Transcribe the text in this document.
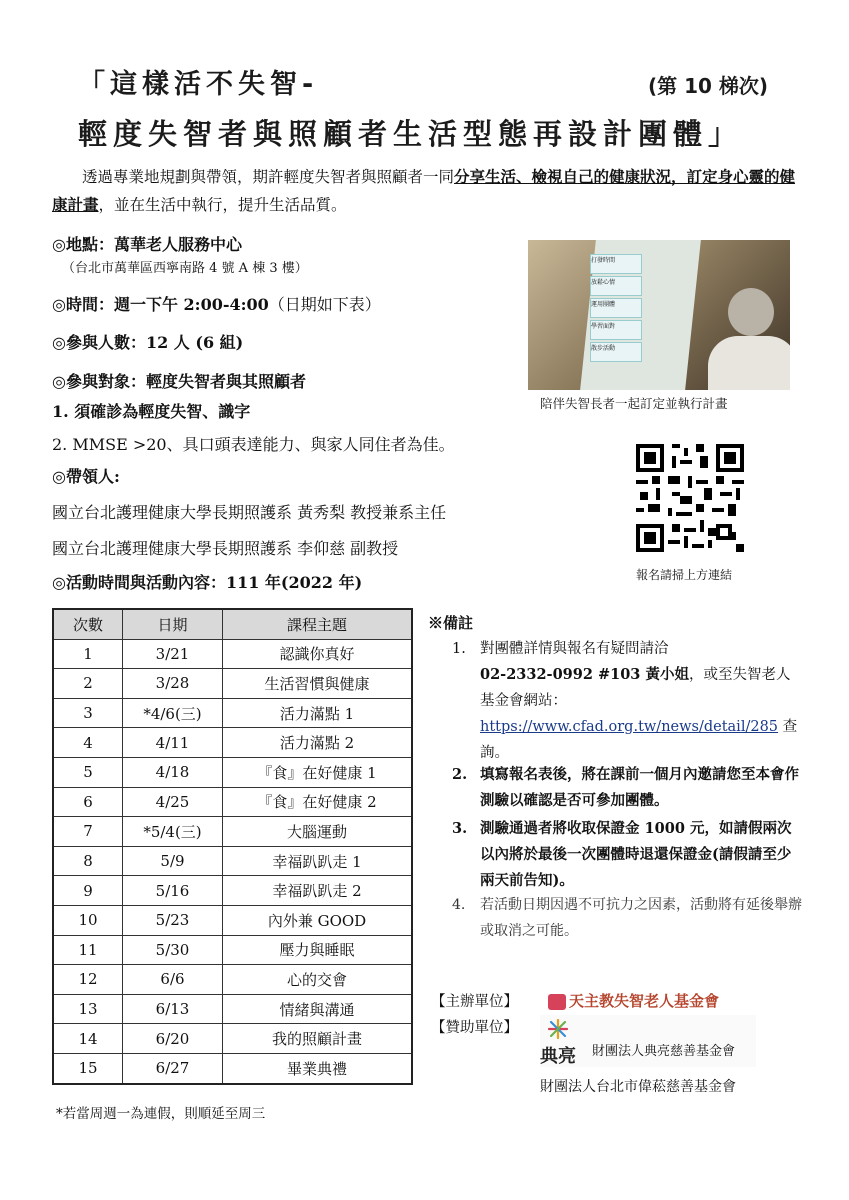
「這樣活不失智-	(第 10 梯次)
輕度失智者與照顧者生活型態再設計團體」
透過專業地規劃與帶領，期許輕度失智者與照顧者一同分享生活、檢視自己的健康狀況，訂定身心靈的健康計畫，並在生活中執行，提升生活品質。
◎地點：萬華老人服務中心
（台北市萬華區西寧南路 4 號 A 棟 3 樓）
◎時間：週一下午 2:00-4:00（日期如下表）
◎參與人數：12 人 (6 組)
◎參與對象：輕度失智者與其照顧者
1. 須確診為輕度失智、識字
2. MMSE >20、具口頭表達能力、與家人同住者為佳。
◎帶領人:
國立台北護理健康大學長期照護系 黃秀梨 教授兼系主任
國立台北護理健康大學長期照護系 李仰慈 副教授
◎活動時間與活動內容：111 年(2022 年)
打發時間
放鬆心情
運用團體
學習面對
散步活動
陪伴失智長者一起訂定並執行計畫
報名請掃上方連結
次數	日期	課程主題
1	3/21	認識你真好
2	3/28	生活習慣與健康
3	*4/6(三)	活力滿點 1
4	4/11	活力滿點 2
5	4/18	『食』在好健康 1
6	4/25	『食』在好健康 2
7	*5/4(三)	大腦運動
8	5/9	幸福趴趴走 1
9	5/16	幸福趴趴走 2
10	5/23	內外兼 GOOD
11	5/30	壓力與睡眠
12	6/6	心的交會
13	6/13	情緒與溝通
14	6/20	我的照顧計畫
15	6/27	畢業典禮
*若當周週一為連假，則順延至周三
※備註
1. 對團體詳情與報名有疑問請洽
02-2332-0992 #103 黃小姐，或至失智老人基金會網站：
https://www.cfad.org.tw/news/detail/285 查詢。
2. 填寫報名表後，將在課前一個月內邀請您至本會作測驗以確認是否可參加團體。
3. 測驗通過者將收取保證金 1000 元，如請假兩次以內將於最後一次團體時退還保證金(請假請至少兩天前告知)。
4. 若活動日期因遇不可抗力之因素，活動將有延後舉辦或取消之可能。
【主辦單位】	天主教失智老人基金會
【贊助單位】
典亮 財團法人典亮慈善基金會
財團法人台北市偉菘慈善基金會
